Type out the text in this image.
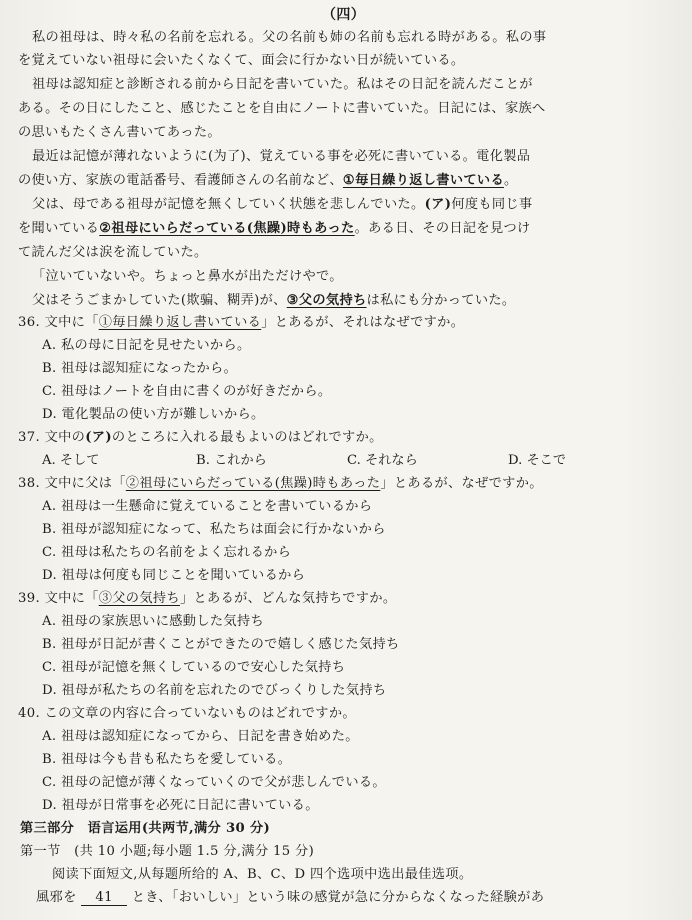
（四）
私の祖母は、時々私の名前を忘れる。父の名前も姉の名前も忘れる時がある。私の事
を覚えていない祖母に会いたくなくて、面会に行かない日が続いている。
祖母は認知症と診断される前から日記を書いていた。私はその日記を読んだことが
ある。その日にしたこと、感じたことを自由にノートに書いていた。日記には、家族へ
の思いもたくさん書いてあった。
最近は記憶が薄れないように(为了)、覚えている事を必死に書いている。電化製品
の使い方、家族の電話番号、看護師さんの名前など、①毎日繰り返し書いている。
父は、母である祖母が記憶を無くしていく状態を悲しんでいた。(ア)何度も同じ事
を聞いている②祖母にいらだっている(焦躁)時もあった。ある日、その日記を見つけ
て読んだ父は涙を流していた。
「泣いていないや。ちょっと鼻水が出ただけやで。
父はそうごまかしていた(欺骗、糊弄)が、③父の気持ちは私にも分かっていた。
36. 文中に「①毎日繰り返し書いている」とあるが、それはなぜですか。
A. 私の母に日記を見せたいから。
B. 祖母は認知症になったから。
C. 祖母はノートを自由に書くのが好きだから。
D. 電化製品の使い方が難しいから。
37. 文中の(ア)のところに入れる最もよいのはどれですか。
A. そして	B. これから	C. それなら	D. そこで
38. 文中に父は「②祖母にいらだっている(焦躁)時もあった」とあるが、なぜですか。
A. 祖母は一生懸命に覚えていることを書いているから
B. 祖母が認知症になって、私たちは面会に行かないから
C. 祖母は私たちの名前をよく忘れるから
D. 祖母は何度も同じことを聞いているから
39. 文中に「③父の気持ち」とあるが、どんな気持ちですか。
A. 祖母の家族思いに感動した気持ち
B. 祖母が日記が書くことができたので嬉しく感じた気持ち
C. 祖母が記憶を無くしているので安心した気持ち
D. 祖母が私たちの名前を忘れたのでびっくりした気持ち
40. この文章の内容に合っていないものはどれですか。
A. 祖母は認知症になってから、日記を書き始めた。
B. 祖母は今も昔も私たちを愛している。
C. 祖母の記憶が薄くなっていくので父が悲しんでいる。
D. 祖母が日常事を必死に日記に書いている。
第三部分　语言运用(共两节,满分 30 分)
第一节　(共 10 小题;每小题 1.5 分,满分 15 分)
阅读下面短文,从每题所给的 A、B、C、D 四个选项中选出最佳选项。
風邪を 41 とき、「おいしい」という味の感覚が急に分からなくなった経験があ
